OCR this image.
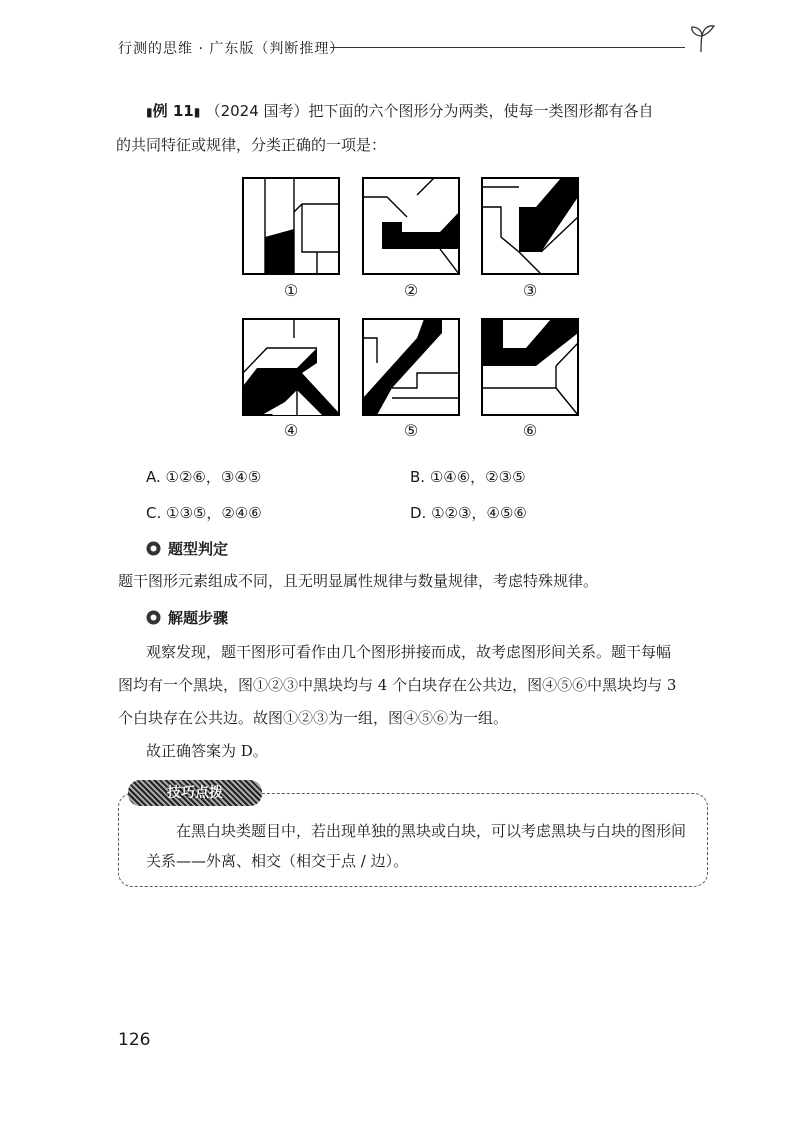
行测的思维 · 广东版（判断推理）
▮例 11▮ （2024 国考）把下面的六个图形分为两类，使每一类图形都有各自
的共同特征或规律，分类正确的一项是：
①	②	③
④	⑤	⑥
A. ①②⑥，③④⑤	B. ①④⑥，②③⑤
C. ①③⑤，②④⑥	D. ①②③，④⑤⑥
题型判定
题干图形元素组成不同，且无明显属性规律与数量规律，考虑特殊规律。
解题步骤
观察发现，题干图形可看作由几个图形拼接而成，故考虑图形间关系。题干每幅
图均有一个黑块，图①②③中黑块均与 4 个白块存在公共边，图④⑤⑥中黑块均与 3
个白块存在公共边。故图①②③为一组，图④⑤⑥为一组。
故正确答案为 D。
技巧点拨
在黑白块类题目中，若出现单独的黑块或白块，可以考虑黑块与白块的图形间
关系——外离、相交（相交于点 / 边）。
126
